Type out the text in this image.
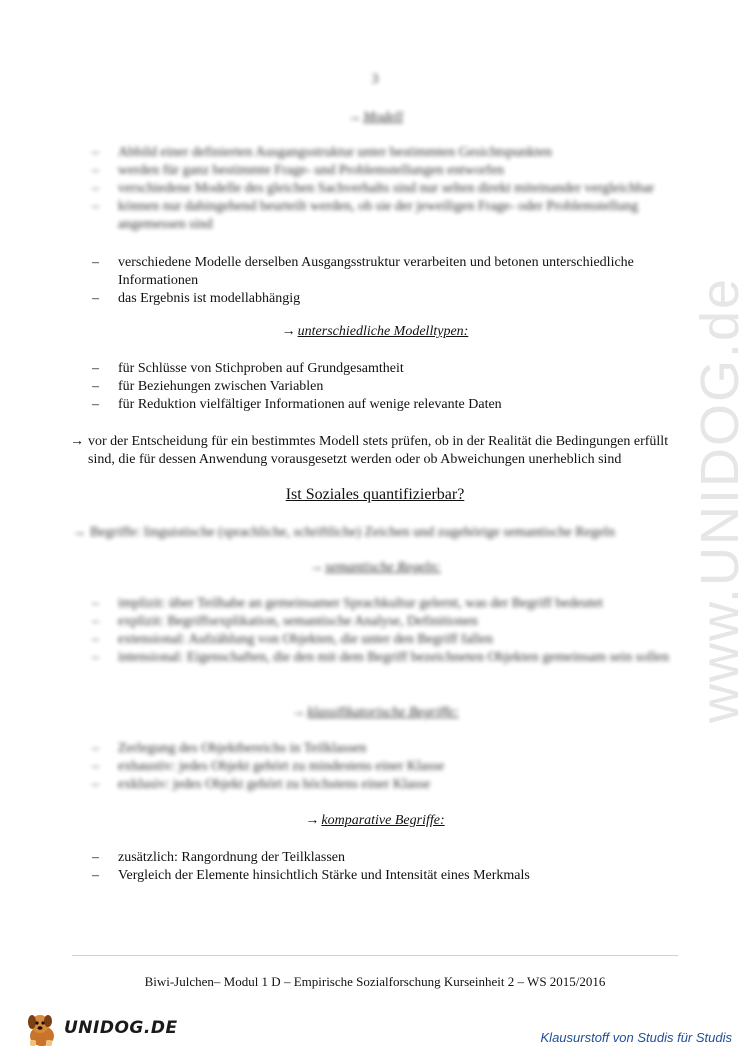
www.UNIDOG.de
3
→ Modell
– Abbild einer definierten Ausgangsstruktur unter bestimmten Gesichtspunkten
– werden für ganz bestimmte Frage- und Problemstellungen entworfen
– verschiedene Modelle des gleichen Sachverhalts sind nur selten direkt miteinander vergleichbar
– können nur dahingehend beurteilt werden, ob sie der jeweiligen Frage- oder Problemstellung angemessen sind
– verschiedene Modelle derselben Ausgangsstruktur verarbeiten und betonen unterschiedliche Informationen
– das Ergebnis ist modellabhängig
→ unterschiedliche Modelltypen:
– für Schlüsse von Stichproben auf Grundgesamtheit
– für Beziehungen zwischen Variablen
– für Reduktion vielfältiger Informationen auf wenige relevante Daten
→ vor der Entscheidung für ein bestimmtes Modell stets prüfen, ob in der Realität die Bedingungen erfüllt sind, die für dessen Anwendung vorausgesetzt werden oder ob Abweichungen unerheblich sind
Ist Soziales quantifizierbar?
→ Begriffe: linguistische (sprachliche, schriftliche) Zeichen und zugehörige semantische Regeln
→ semantische Regeln:
– implizit: über Teilhabe an gemeinsamer Sprachkultur gelernt, was der Begriff bedeutet
– explizit: Begriffsexplikation, semantische Analyse, Definitionen
– extensional: Aufzählung von Objekten, die unter den Begriff fallen
– intensional: Eigenschaften, die den mit dem Begriff bezeichneten Objekten gemeinsam sein sollen
→ klassifikatorische Begriffe:
– Zerlegung des Objektbereichs in Teilklassen
– exhaustiv: jedes Objekt gehört zu mindestens einer Klasse
– exklusiv: jedes Objekt gehört zu höchstens einer Klasse
→ komparative Begriffe:
– zusätzlich: Rangordnung der Teilklassen
– Vergleich der Elemente hinsichtlich Stärke und Intensität eines Merkmals
Biwi-Julchen– Modul 1 D – Empirische Sozialforschung Kurseinheit 2 – WS 2015/2016
UNIDOG.DE	Klausurstoff von Studis für Studis
